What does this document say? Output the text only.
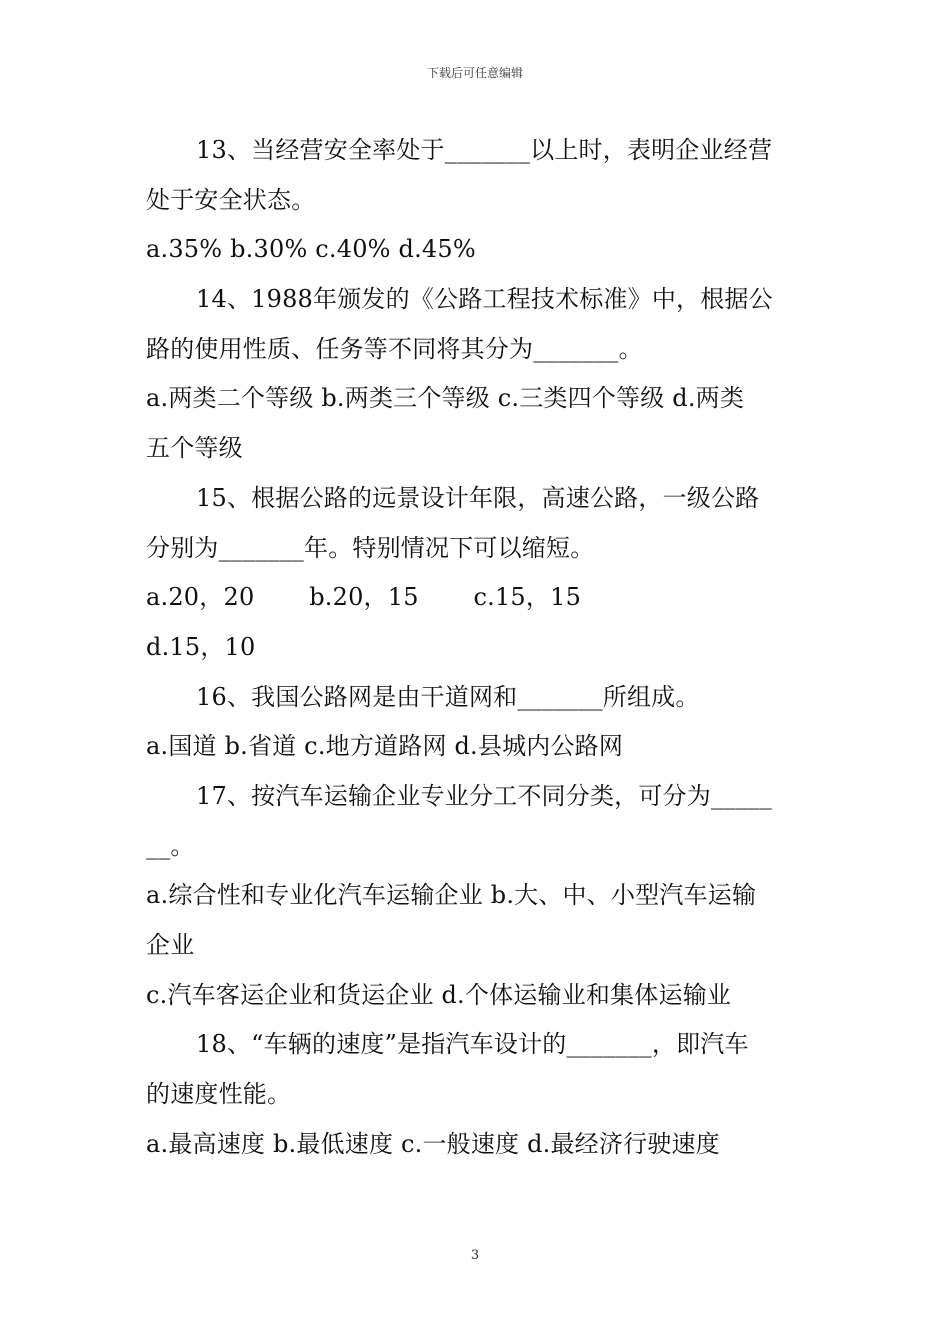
下载后可任意编辑
13、当经营安全率处于_______以上时，表明企业经营
处于安全状态。
a.35% b.30% c.40% d.45%
14、1988年颁发的《公路工程技术标准》中，根据公
路的使用性质、任务等不同将其分为_______。
a.两类二个等级 b.两类三个等级 c.三类四个等级 d.两类
五个等级
15、根据公路的远景设计年限，高速公路，一级公路
分别为_______年。特别情况下可以缩短。
a.20，20       b.20，15       c.15，15
d.15，10
16、我国公路网是由干道网和_______所组成。
a.国道 b.省道 c.地方道路网 d.县城内公路网
17、按汽车运输企业专业分工不同分类，可分为_____
__。
a.综合性和专业化汽车运输企业 b.大、中、小型汽车运输
企业
c.汽车客运企业和货运企业 d.个体运输业和集体运输业
18、“车辆的速度”是指汽车设计的_______，即汽车
的速度性能。
a.最高速度 b.最低速度 c.一般速度 d.最经济行驶速度
3
